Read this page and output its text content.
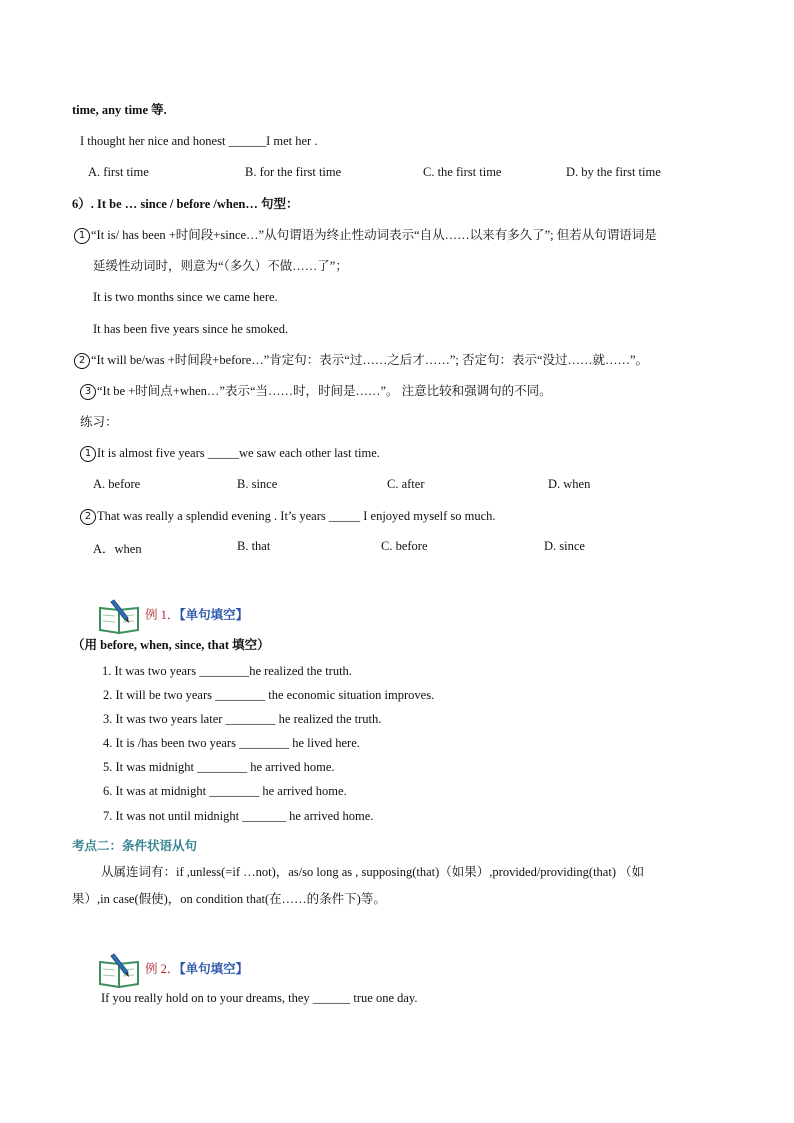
time, any time 等.
I thought her nice and honest ______I met her .
A. first time	B. for the first time	C. the first time	D. by the first time
6）. It be … since / before /when… 句型：
1 “It is/ has been +时间段+since…”从句谓语为终止性动词表示“自从……以来有多久了”; 但若从句谓语词是
延缓性动词时，则意为“（多久）不做……了”；
It is two months since we came here.
It has been five years since he smoked.
2 “It will be/was +时间段+before…”肯定句：表示“过……之后才……”; 否定句：表示“没过……就……”。
3 “It be +时间点+when…”表示“当……时，时间是……”。 注意比较和强调句的不同。
练习：
1 It is almost five years _____we saw each other last time.
A. before	B. since	C. after	D. when
2 That was really a splendid evening . It’s years _____ I enjoyed myself so much.
A．when	B. that	C. before	D. since
例 1．【单句填空】
（用 before, when, since, that 填空）
1. It was two years ________he realized the truth.
2. It will be two years ________ the economic situation improves.
3. It was two years later ________ he realized the truth.
4. It is /has been two years ________ he lived here.
5. It was midnight ________ he arrived home.
6. It was at midnight ________ he arrived home.
7. It was not until midnight _______ he arrived home.
考点二：条件状语从句
从属连词有：if ,unless(=if …not)，as/so long as , supposing(that)（如果）,provided/providing(that) （如
果）,in case(假使)，on condition that(在……的条件下)等。
例 2．【单句填空】
If you really hold on to your dreams, they ______ true one day.
